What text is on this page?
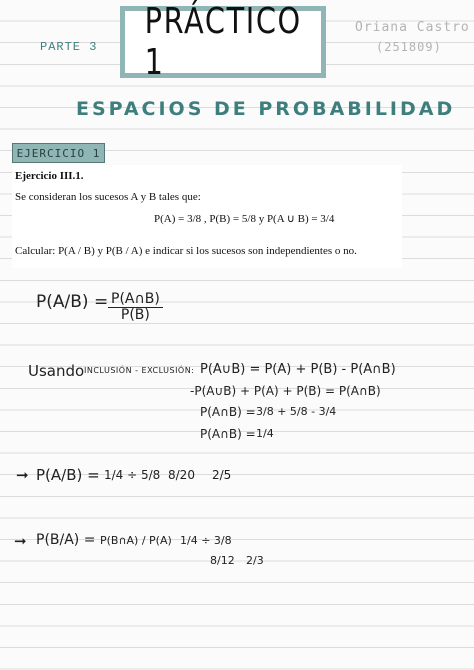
PARTE 3
PRÁCTICO 1
Oriana Castro
(251809)
ESPACIOS DE PROBABILIDAD
EJERCICIO 1
Ejercicio III.1.
Se consideran los sucesos A y B tales que:
P(A) = 3/8 , P(B) = 5/8 y P(A ∪ B) = 3/4
Calcular: P(A / B) y P(B / A) e indicar si los sucesos son independientes o no.
$P(A/B) = \frac{P(A\cap B)}{P(B)}$
Usando INCLUSIÓN - EXCLUSIÓN: P(A∪B) = P(A) + P(B) - P(A∩B)
-P(A∪B) + P(A) + P(B) = P(A∩B)
P(A∩B) = 3/8 + 5/8 - 3/4
P(A∩B) = 1/4
➞ P(A/B) = 1/4 ÷ 5/8 8/20 2/5
➞ P(B/A) = P(B∩A) / P(A) 1/4 ÷ 3/8
8/12 2/3
